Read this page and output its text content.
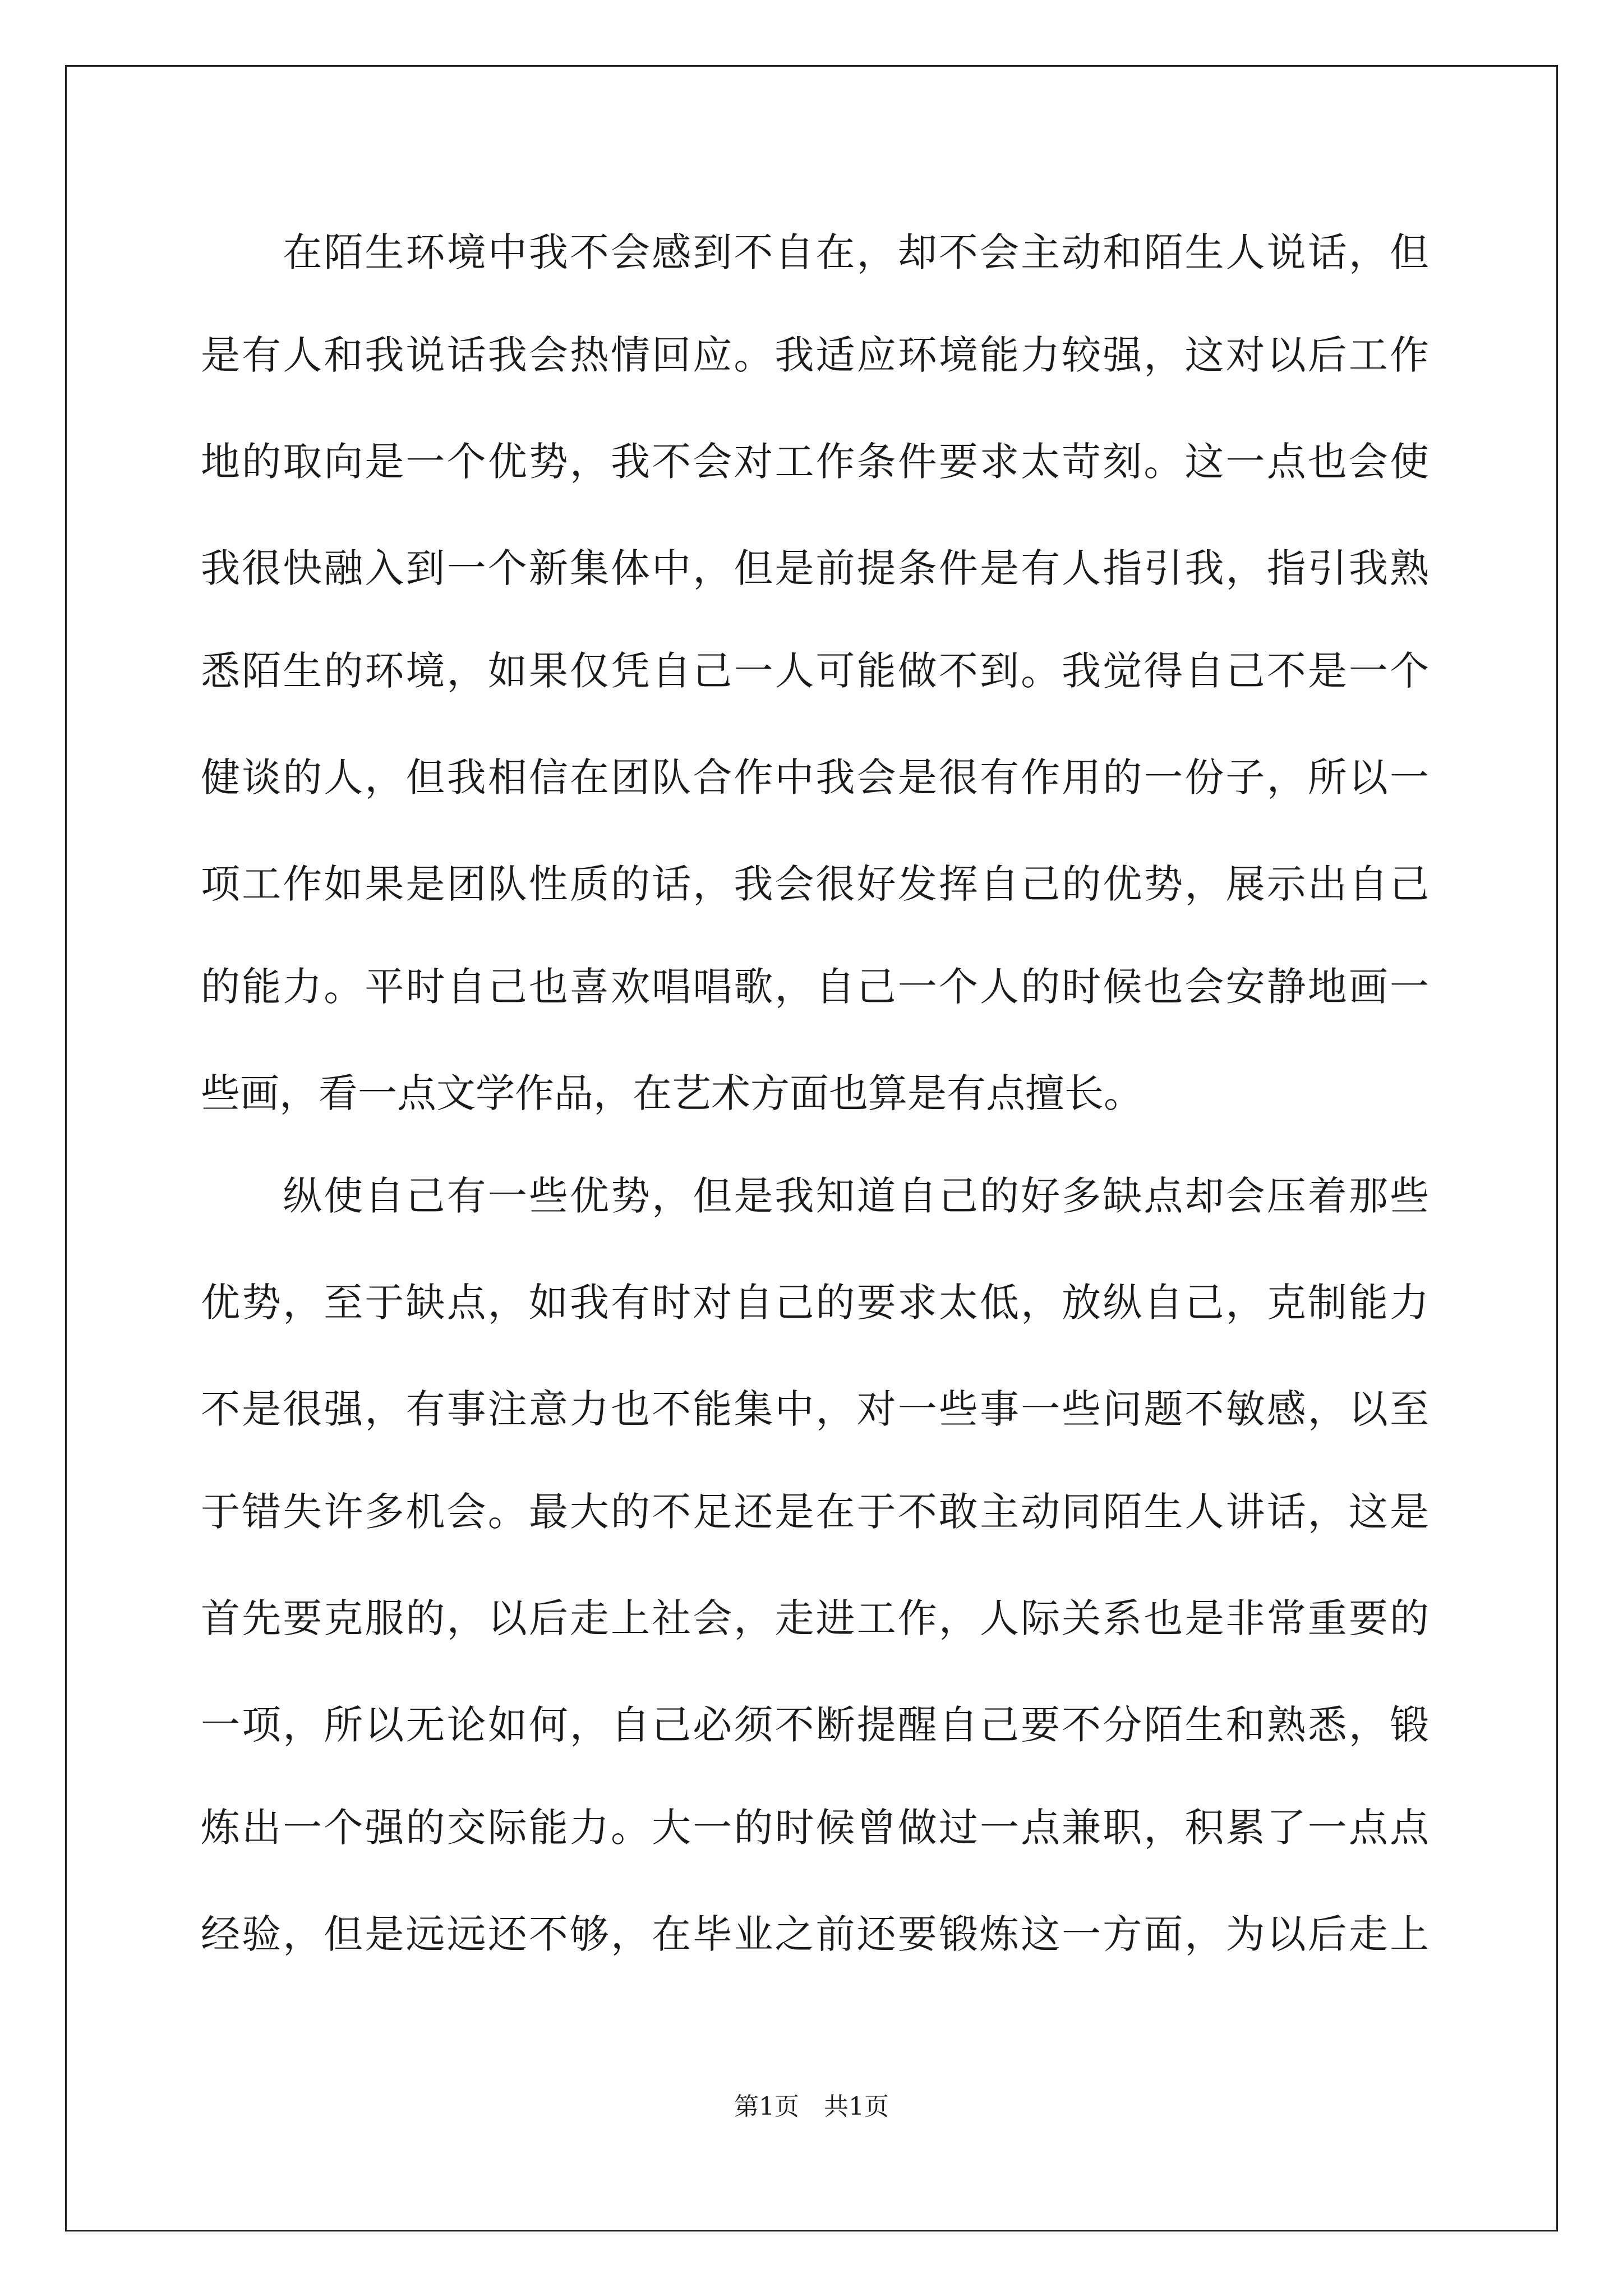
　　在陌生环境中我不会感到不自在，却不会主动和陌生人说话，但
是有人和我说话我会热情回应。我适应环境能力较强，这对以后工作
地的取向是一个优势，我不会对工作条件要求太苛刻。这一点也会使
我很快融入到一个新集体中，但是前提条件是有人指引我，指引我熟
悉陌生的环境，如果仅凭自己一人可能做不到。我觉得自己不是一个
健谈的人，但我相信在团队合作中我会是很有作用的一份子，所以一
项工作如果是团队性质的话，我会很好发挥自己的优势，展示出自己
的能力。平时自己也喜欢唱唱歌，自己一个人的时候也会安静地画一
些画，看一点文学作品，在艺术方面也算是有点擅长。
　　纵使自己有一些优势，但是我知道自己的好多缺点却会压着那些
优势，至于缺点，如我有时对自己的要求太低，放纵自己，克制能力
不是很强，有事注意力也不能集中，对一些事一些问题不敏感，以至
于错失许多机会。最大的不足还是在于不敢主动同陌生人讲话，这是
首先要克服的，以后走上社会，走进工作，人际关系也是非常重要的
一项，所以无论如何，自己必须不断提醒自己要不分陌生和熟悉，锻
炼出一个强的交际能力。大一的时候曾做过一点兼职，积累了一点点
经验，但是远远还不够，在毕业之前还要锻炼这一方面，为以后走上
第1页　共1页
